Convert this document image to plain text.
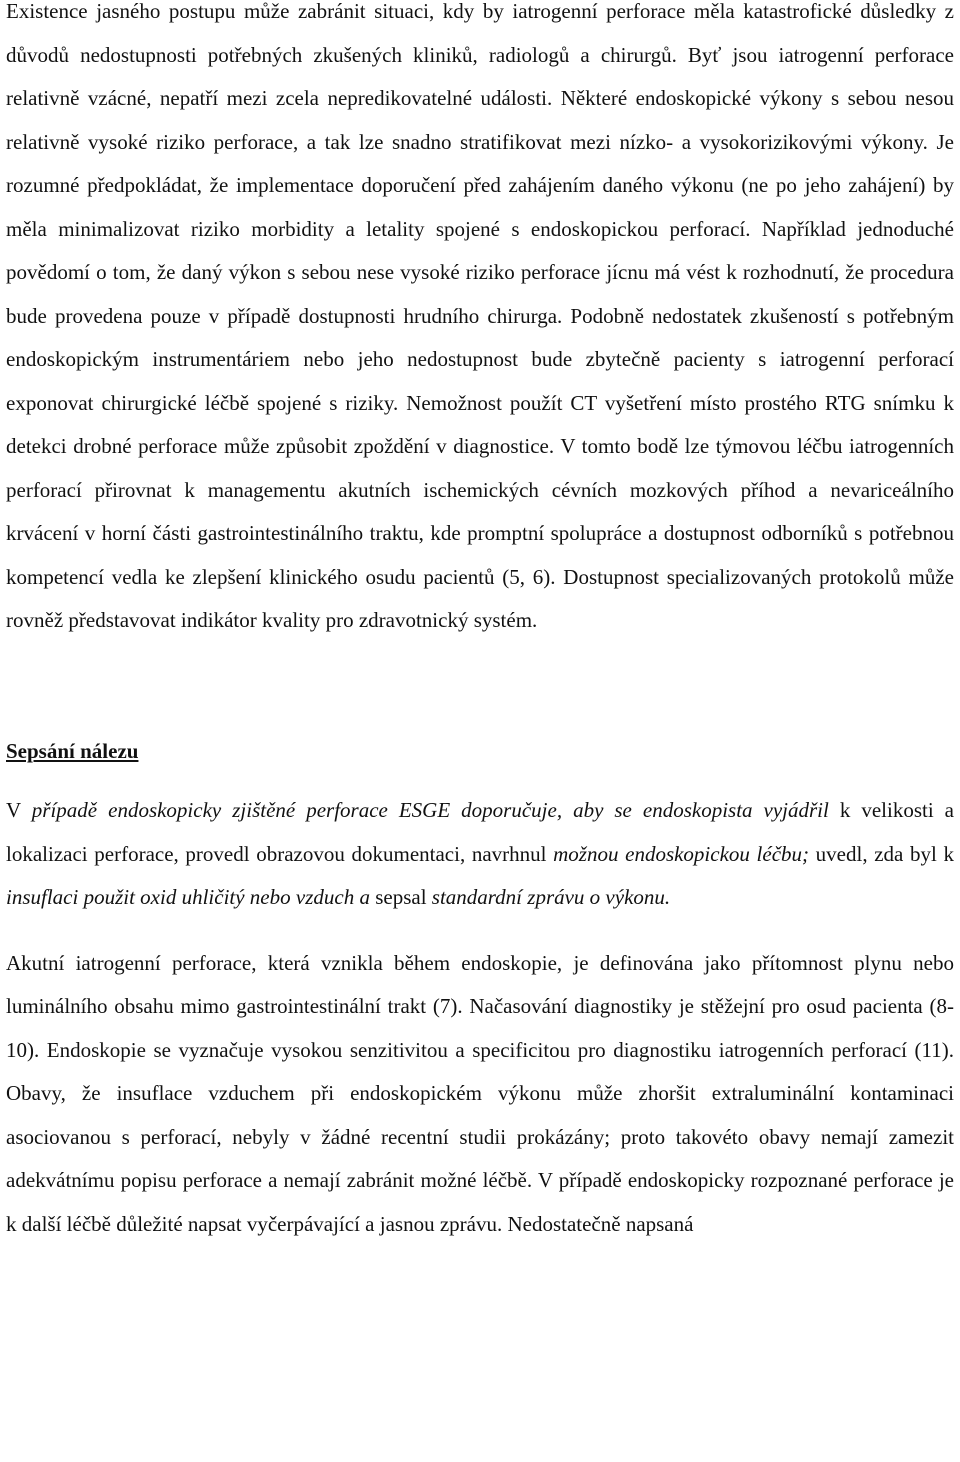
Existence jasného postupu může zabránit situaci, kdy by iatrogenní perforace měla katastrofické důsledky z důvodů nedostupnosti potřebných zkušených kliniků, radiologů a chirurgů. Byť jsou iatrogenní perforace relativně vzácné, nepatří mezi zcela nepredikovatelné události. Některé endoskopické výkony s sebou nesou relativně vysoké riziko perforace, a tak lze snadno stratifikovat mezi nízko- a vysokorizikovými výkony. Je rozumné předpokládat, že implementace doporučení před zahájením daného výkonu (ne po jeho zahájení) by měla minimalizovat riziko morbidity a letality spojené s endoskopickou perforací. Například jednoduché povědomí o tom, že daný výkon s sebou nese vysoké riziko perforace jícnu má vést k rozhodnutí, že procedura bude provedena pouze v případě dostupnosti hrudního chirurga. Podobně nedostatek zkušeností s potřebným endoskopickým instrumentáriem nebo jeho nedostupnost bude zbytečně pacienty s iatrogenní perforací exponovat chirurgické léčbě spojené s riziky. Nemožnost použít CT vyšetření místo prostého RTG snímku k detekci drobné perforace může způsobit zpoždění v diagnostice. V tomto bodě lze týmovou léčbu iatrogenních perforací přirovnat k managementu akutních ischemických cévních mozkových příhod a nevariceálního krvácení v horní části gastrointestinálního traktu, kde promptní spolupráce a dostupnost odborníků s potřebnou kompetencí vedla ke zlepšení klinického osudu pacientů (5, 6). Dostupnost specializovaných protokolů může rovněž představovat indikátor kvality pro zdravotnický systém.

Sepsání nálezu

V případě endoskopicky zjištěné perforace ESGE doporučuje, aby se endoskopista vyjádřil k velikosti a lokalizaci perforace, provedl obrazovou dokumentaci, navrhnul možnou endoskopickou léčbu; uvedl, zda byl k insuflaci použit oxid uhličitý nebo vzduch a sepsal standardní zprávu o výkonu.

Akutní iatrogenní perforace, která vznikla během endoskopie, je definována jako přítomnost plynu nebo luminálního obsahu mimo gastrointestinální trakt (7). Načasování diagnostiky je stěžejní pro osud pacienta (8-10). Endoskopie se vyznačuje vysokou senzitivitou a specificitou pro diagnostiku iatrogenních perforací (11). Obavy, že insuflace vzduchem při endoskopickém výkonu může zhoršit extraluminální kontaminaci asociovanou s perforací, nebyly v žádné recentní studii prokázány; proto takovéto obavy nemají zamezit adekvátnímu popisu perforace a nemají zabránit možné léčbě. V případě endoskopicky rozpoznané perforace je k další léčbě důležité napsat vyčerpávající a jasnou zprávu. Nedostatečně napsaná
